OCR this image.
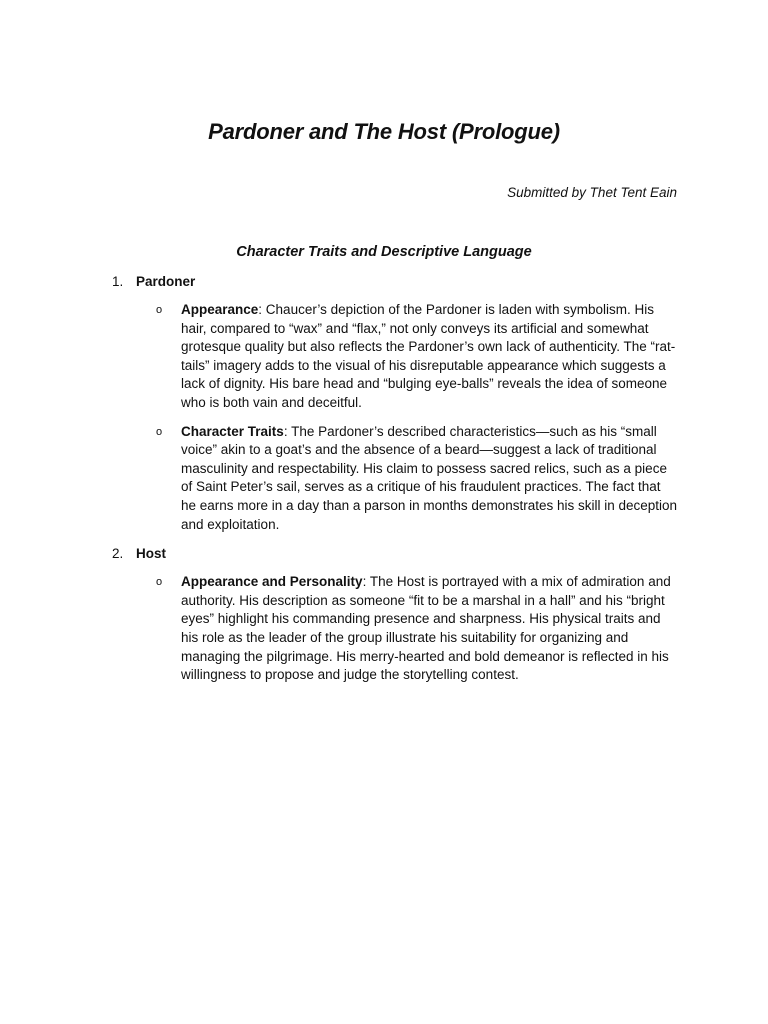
Pardoner and The Host (Prologue)

Submitted by Thet Tent Eain

Character Traits and Descriptive Language
1. Pardoner
o Appearance: Chaucer’s depiction of the Pardoner is laden with symbolism. His hair, compared to “wax” and “flax,” not only conveys its artificial and somewhat grotesque quality but also reflects the Pardoner’s own lack of authenticity. The “rat-tails” imagery adds to the visual of his disreputable appearance which suggests a lack of dignity. His bare head and “bulging eye-balls” reveals the idea of someone who is both vain and deceitful.
o Character Traits: The Pardoner’s described characteristics—such as his “small voice” akin to a goat’s and the absence of a beard—suggest a lack of traditional masculinity and respectability. His claim to possess sacred relics, such as a piece of Saint Peter’s sail, serves as a critique of his fraudulent practices. The fact that he earns more in a day than a parson in months demonstrates his skill in deception and exploitation.
2. Host
o Appearance and Personality: The Host is portrayed with a mix of admiration and authority. His description as someone “fit to be a marshal in a hall” and his “bright eyes” highlight his commanding presence and sharpness. His physical traits and his role as the leader of the group illustrate his suitability for organizing and managing the pilgrimage. His merry-hearted and bold demeanor is reflected in his willingness to propose and judge the storytelling contest.
